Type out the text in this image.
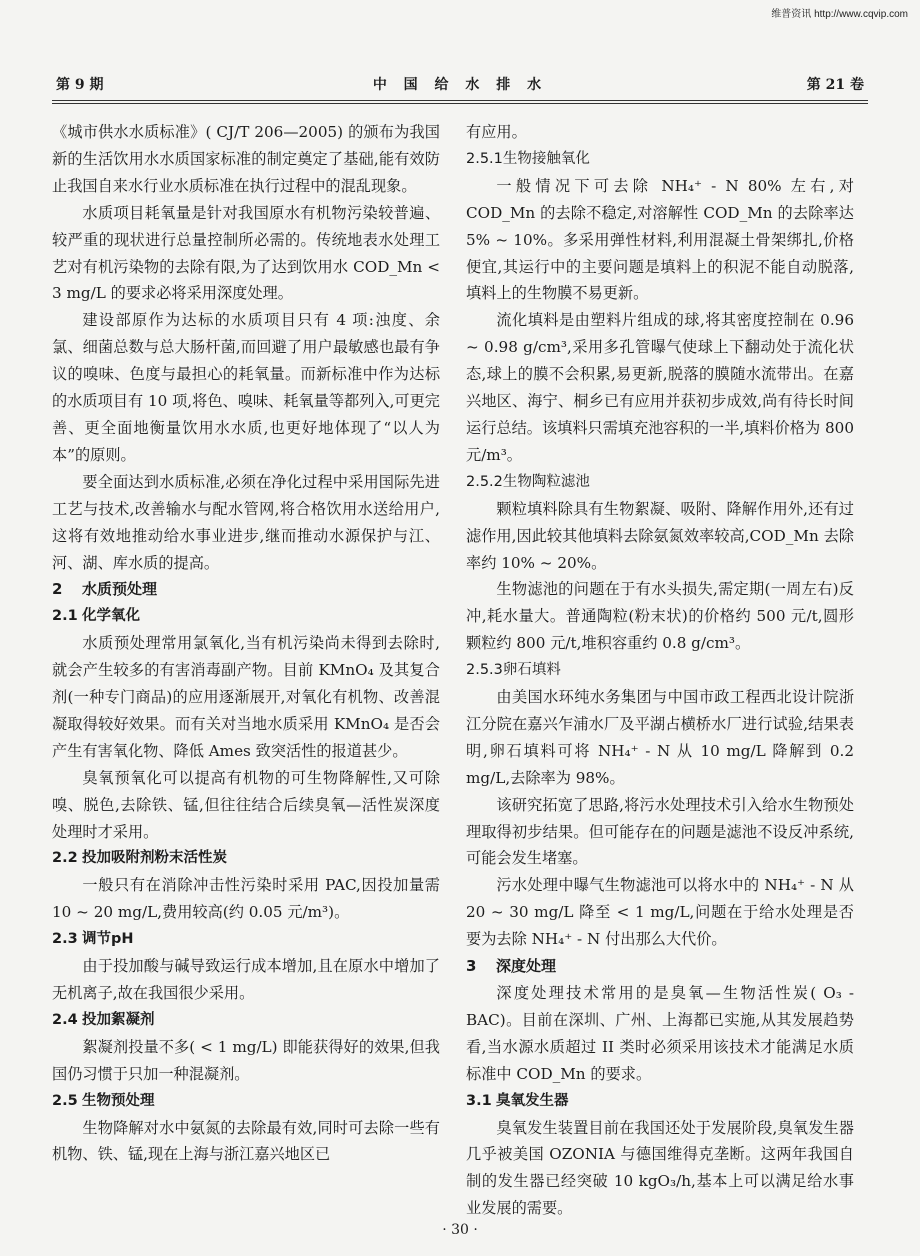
维普资讯 http://www.cqvip.com
第 9 期	中 国 给 水 排 水	第 21 卷

《城市供水水质标准》( CJ/T 206—2005) 的颁布为我国新的生活饮用水水质国家标准的制定奠定了基础,能有效防止我国自来水行业水质标准在执行过程中的混乱现象。

水质项目耗氧量是针对我国原水有机物污染较普遍、较严重的现状进行总量控制所必需的。传统地表水处理工艺对有机污染物的去除有限,为了达到饮用水 COD_Mn < 3 mg/L 的要求必将采用深度处理。

建设部原作为达标的水质项目只有 4 项:浊度、余氯、细菌总数与总大肠杆菌,而回避了用户最敏感也最有争议的嗅味、色度与最担心的耗氧量。而新标准中作为达标的水质项目有 10 项,将色、嗅味、耗氧量等都列入,可更完善、更全面地衡量饮用水水质,也更好地体现了“以人为本”的原则。

要全面达到水质标准,必须在净化过程中采用国际先进工艺与技术,改善输水与配水管网,将合格饮用水送给用户,这将有效地推动给水事业进步,继而推动水源保护与江、河、湖、库水质的提高。

2 水质预处理
2.1 化学氧化

水质预处理常用氯氧化,当有机污染尚未得到去除时,就会产生较多的有害消毒副产物。目前 KMnO₄ 及其复合剂(一种专门商品)的应用逐渐展开,对氧化有机物、改善混凝取得较好效果。而有关对当地水质采用 KMnO₄ 是否会产生有害氧化物、降低 Ames 致突活性的报道甚少。

臭氧预氧化可以提高有机物的可生物降解性,又可除嗅、脱色,去除铁、锰,但往往结合后续臭氧—活性炭深度处理时才采用。

2.2 投加吸附剂粉末活性炭

一般只有在消除冲击性污染时采用 PAC,因投加量需 10 ~ 20 mg/L,费用较高(约 0.05 元/m³)。

2.3 调节pH

由于投加酸与碱导致运行成本增加,且在原水中增加了无机离子,故在我国很少采用。

2.4 投加絮凝剂

絮凝剂投量不多( < 1 mg/L) 即能获得好的效果,但我国仍习惯于只加一种混凝剂。

2.5 生物预处理

生物降解对水中氨氮的去除最有效,同时可去除一些有机物、铁、锰,现在上海与浙江嘉兴地区已

有应用。

2.5.1生物接触氧化

一般情况下可去除 NH₄⁺ - N 80% 左右,对 COD_Mn 的去除不稳定,对溶解性 COD_Mn 的去除率达 5% ~ 10%。多采用弹性材料,利用混凝土骨架绑扎,价格便宜,其运行中的主要问题是填料上的积泥不能自动脱落,填料上的生物膜不易更新。

流化填料是由塑料片组成的球,将其密度控制在 0.96 ~ 0.98 g/cm³,采用多孔管曝气使球上下翻动处于流化状态,球上的膜不会积累,易更新,脱落的膜随水流带出。在嘉兴地区、海宁、桐乡已有应用并获初步成效,尚有待长时间运行总结。该填料只需填充池容积的一半,填料价格为 800 元/m³。

2.5.2生物陶粒滤池

颗粒填料除具有生物絮凝、吸附、降解作用外,还有过滤作用,因此较其他填料去除氨氮效率较高,COD_Mn 去除率约 10% ~ 20%。

生物滤池的问题在于有水头损失,需定期(一周左右)反冲,耗水量大。普通陶粒(粉末状)的价格约 500 元/t,圆形颗粒约 800 元/t,堆积容重约 0.8 g/cm³。

2.5.3卵石填料

由美国水环纯水务集团与中国市政工程西北设计院浙江分院在嘉兴乍浦水厂及平湖占横桥水厂进行试验,结果表明,卵石填料可将 NH₄⁺ - N 从 10 mg/L 降解到 0.2 mg/L,去除率为 98%。

该研究拓宽了思路,将污水处理技术引入给水生物预处理取得初步结果。但可能存在的问题是滤池不设反冲系统,可能会发生堵塞。

污水处理中曝气生物滤池可以将水中的 NH₄⁺ - N 从 20 ~ 30 mg/L 降至 < 1 mg/L,问题在于给水处理是否要为去除 NH₄⁺ - N 付出那么大代价。

3 深度处理

深度处理技术常用的是臭氧—生物活性炭( O₃ - BAC)。目前在深圳、广州、上海都已实施,从其发展趋势看,当水源水质超过 II 类时必须采用该技术才能满足水质标准中 COD_Mn 的要求。

3.1 臭氧发生器

臭氧发生装置目前在我国还处于发展阶段,臭氧发生器几乎被美国 OZONIA 与德国维得克垄断。这两年我国自制的发生器已经突破 10 kgO₃/h,基本上可以满足给水事业发展的需要。

· 30 ·
